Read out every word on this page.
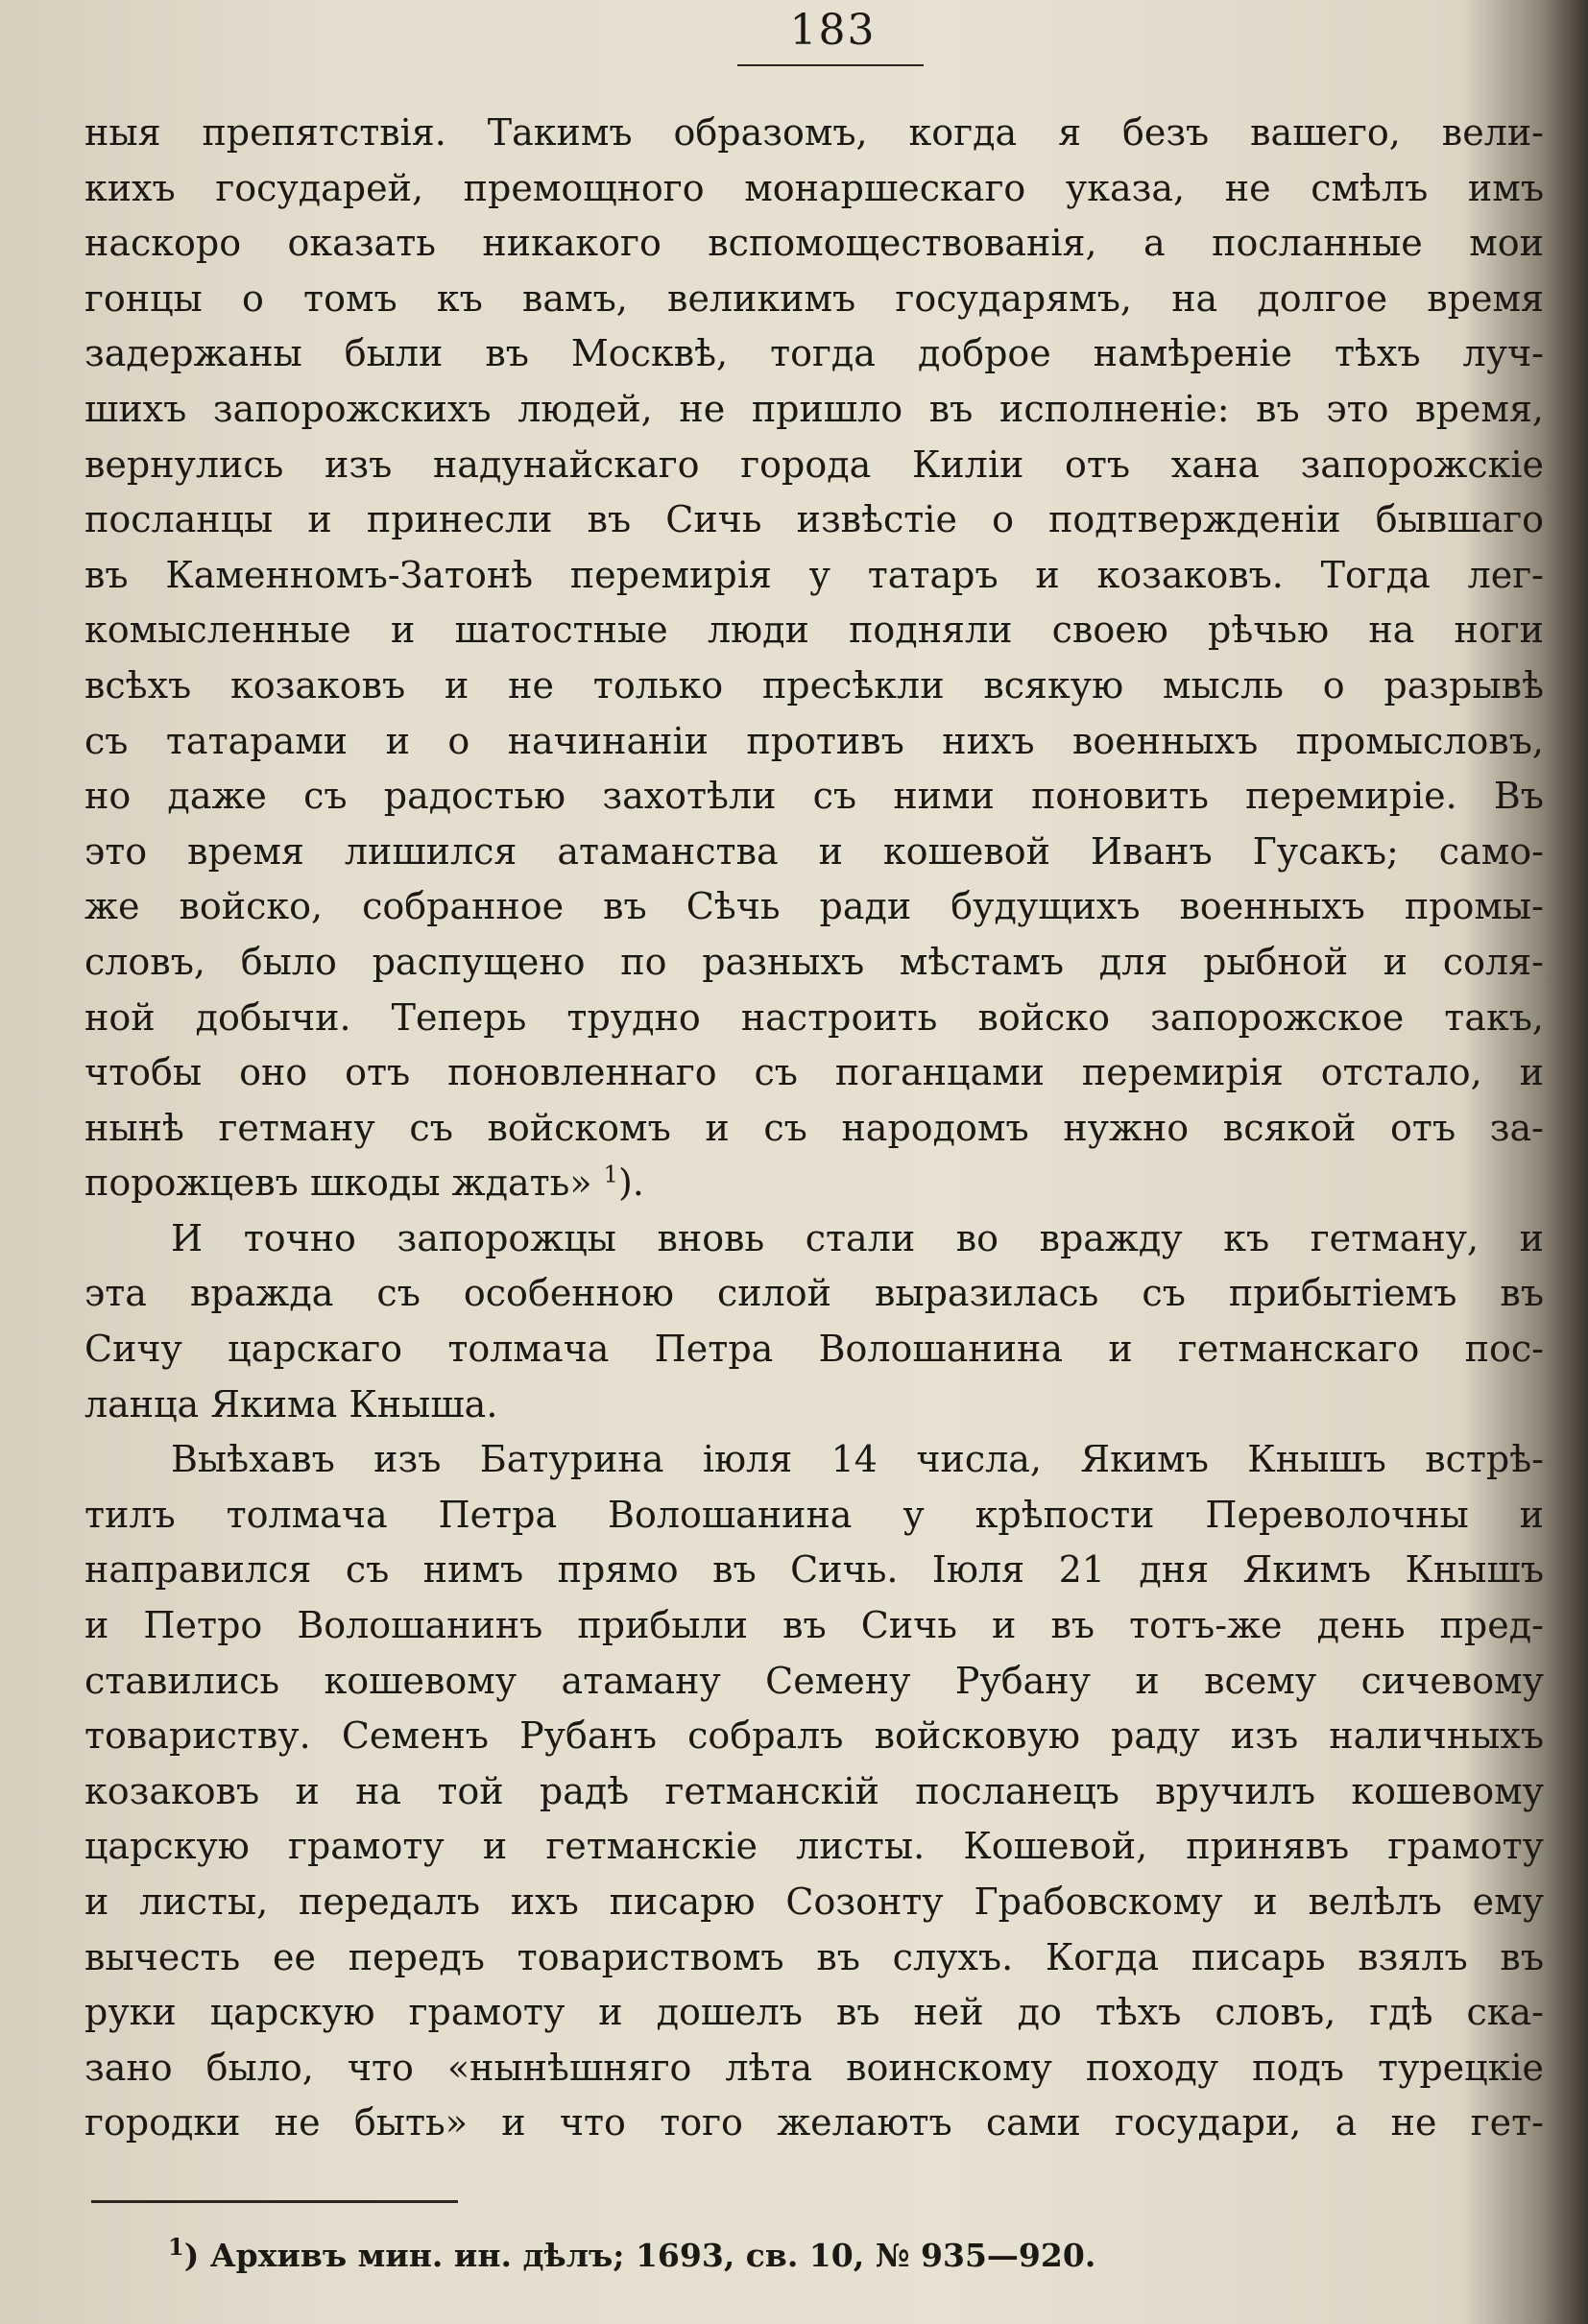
183
ныя препятствія. Такимъ образомъ, когда я безъ вашего, вели-
кихъ государей, премощного монаршескаго указа, не смѣлъ имъ
наскоро оказать никакого вспомоществованія, а посланные мои
гонцы о томъ къ вамъ, великимъ государямъ, на долгое время
задержаны были въ Москвѣ, тогда доброе намѣреніе тѣхъ луч-
шихъ запорожскихъ людей, не пришло въ исполненіе: въ это время,
вернулись изъ надунайскаго города Киліи отъ хана запорожскіе
посланцы и принесли въ Сичь извѣстіе о подтвержденіи бывшаго
въ Каменномъ-Затонѣ перемирія у татаръ и козаковъ. Тогда лег-
комысленные и шатостные люди подняли своею рѣчью на ноги
всѣхъ козаковъ и не только пресѣкли всякую мысль о разрывѣ
съ татарами и о начинаніи противъ нихъ военныхъ промысловъ,
но даже съ радостью захотѣли съ ними поновить перемиріе. Въ
это время лишился атаманства и кошевой Иванъ Гусакъ; само-
же войско, собранное въ Сѣчь ради будущихъ военныхъ промы-
словъ, было распущено по разныхъ мѣстамъ для рыбной и соля-
ной добычи. Теперь трудно настроить войско запорожское такъ,
чтобы оно отъ поновленнаго съ поганцами перемирія отстало, и
нынѣ гетману съ войскомъ и съ народомъ нужно всякой отъ за-
порожцевъ шкоды ждать» $^1$).
И точно запорожцы вновь стали во вражду къ гетману, и
эта вражда съ особенною силой выразилась съ прибытіемъ въ
Сичу царскаго толмача Петра Волошанина и гетманскаго пос-
ланца Якима Кныша.
Выѣхавъ изъ Батурина іюля 14 числа, Якимъ Кнышъ встрѣ-
тилъ толмача Петра Волошанина у крѣпости Переволочны и
направился съ нимъ прямо въ Сичь. Іюля 21 дня Якимъ Кнышъ
и Петро Волошанинъ прибыли въ Сичь и въ тотъ-же день пред-
ставились кошевому атаману Семену Рубану и всему сичевому
товариству. Семенъ Рубанъ собралъ войсковую раду изъ наличныхъ
козаковъ и на той радѣ гетманскій посланецъ вручилъ кошевому
царскую грамоту и гетманскіе листы. Кошевой, принявъ грамоту
и листы, передалъ ихъ писарю Созонту Грабовскому и велѣлъ ему
вычесть ее передъ товариствомъ въ слухъ. Когда писарь взялъ въ
руки царскую грамоту и дошелъ въ ней до тѣхъ словъ, гдѣ ска-
зано было, что «нынѣшняго лѣта воинскому походу подъ турецкіе
городки не быть» и что того желаютъ сами государи, а не гет-
$^1$) Архивъ мин. ин. дѣлъ; 1693, св. 10, № 935—920.
